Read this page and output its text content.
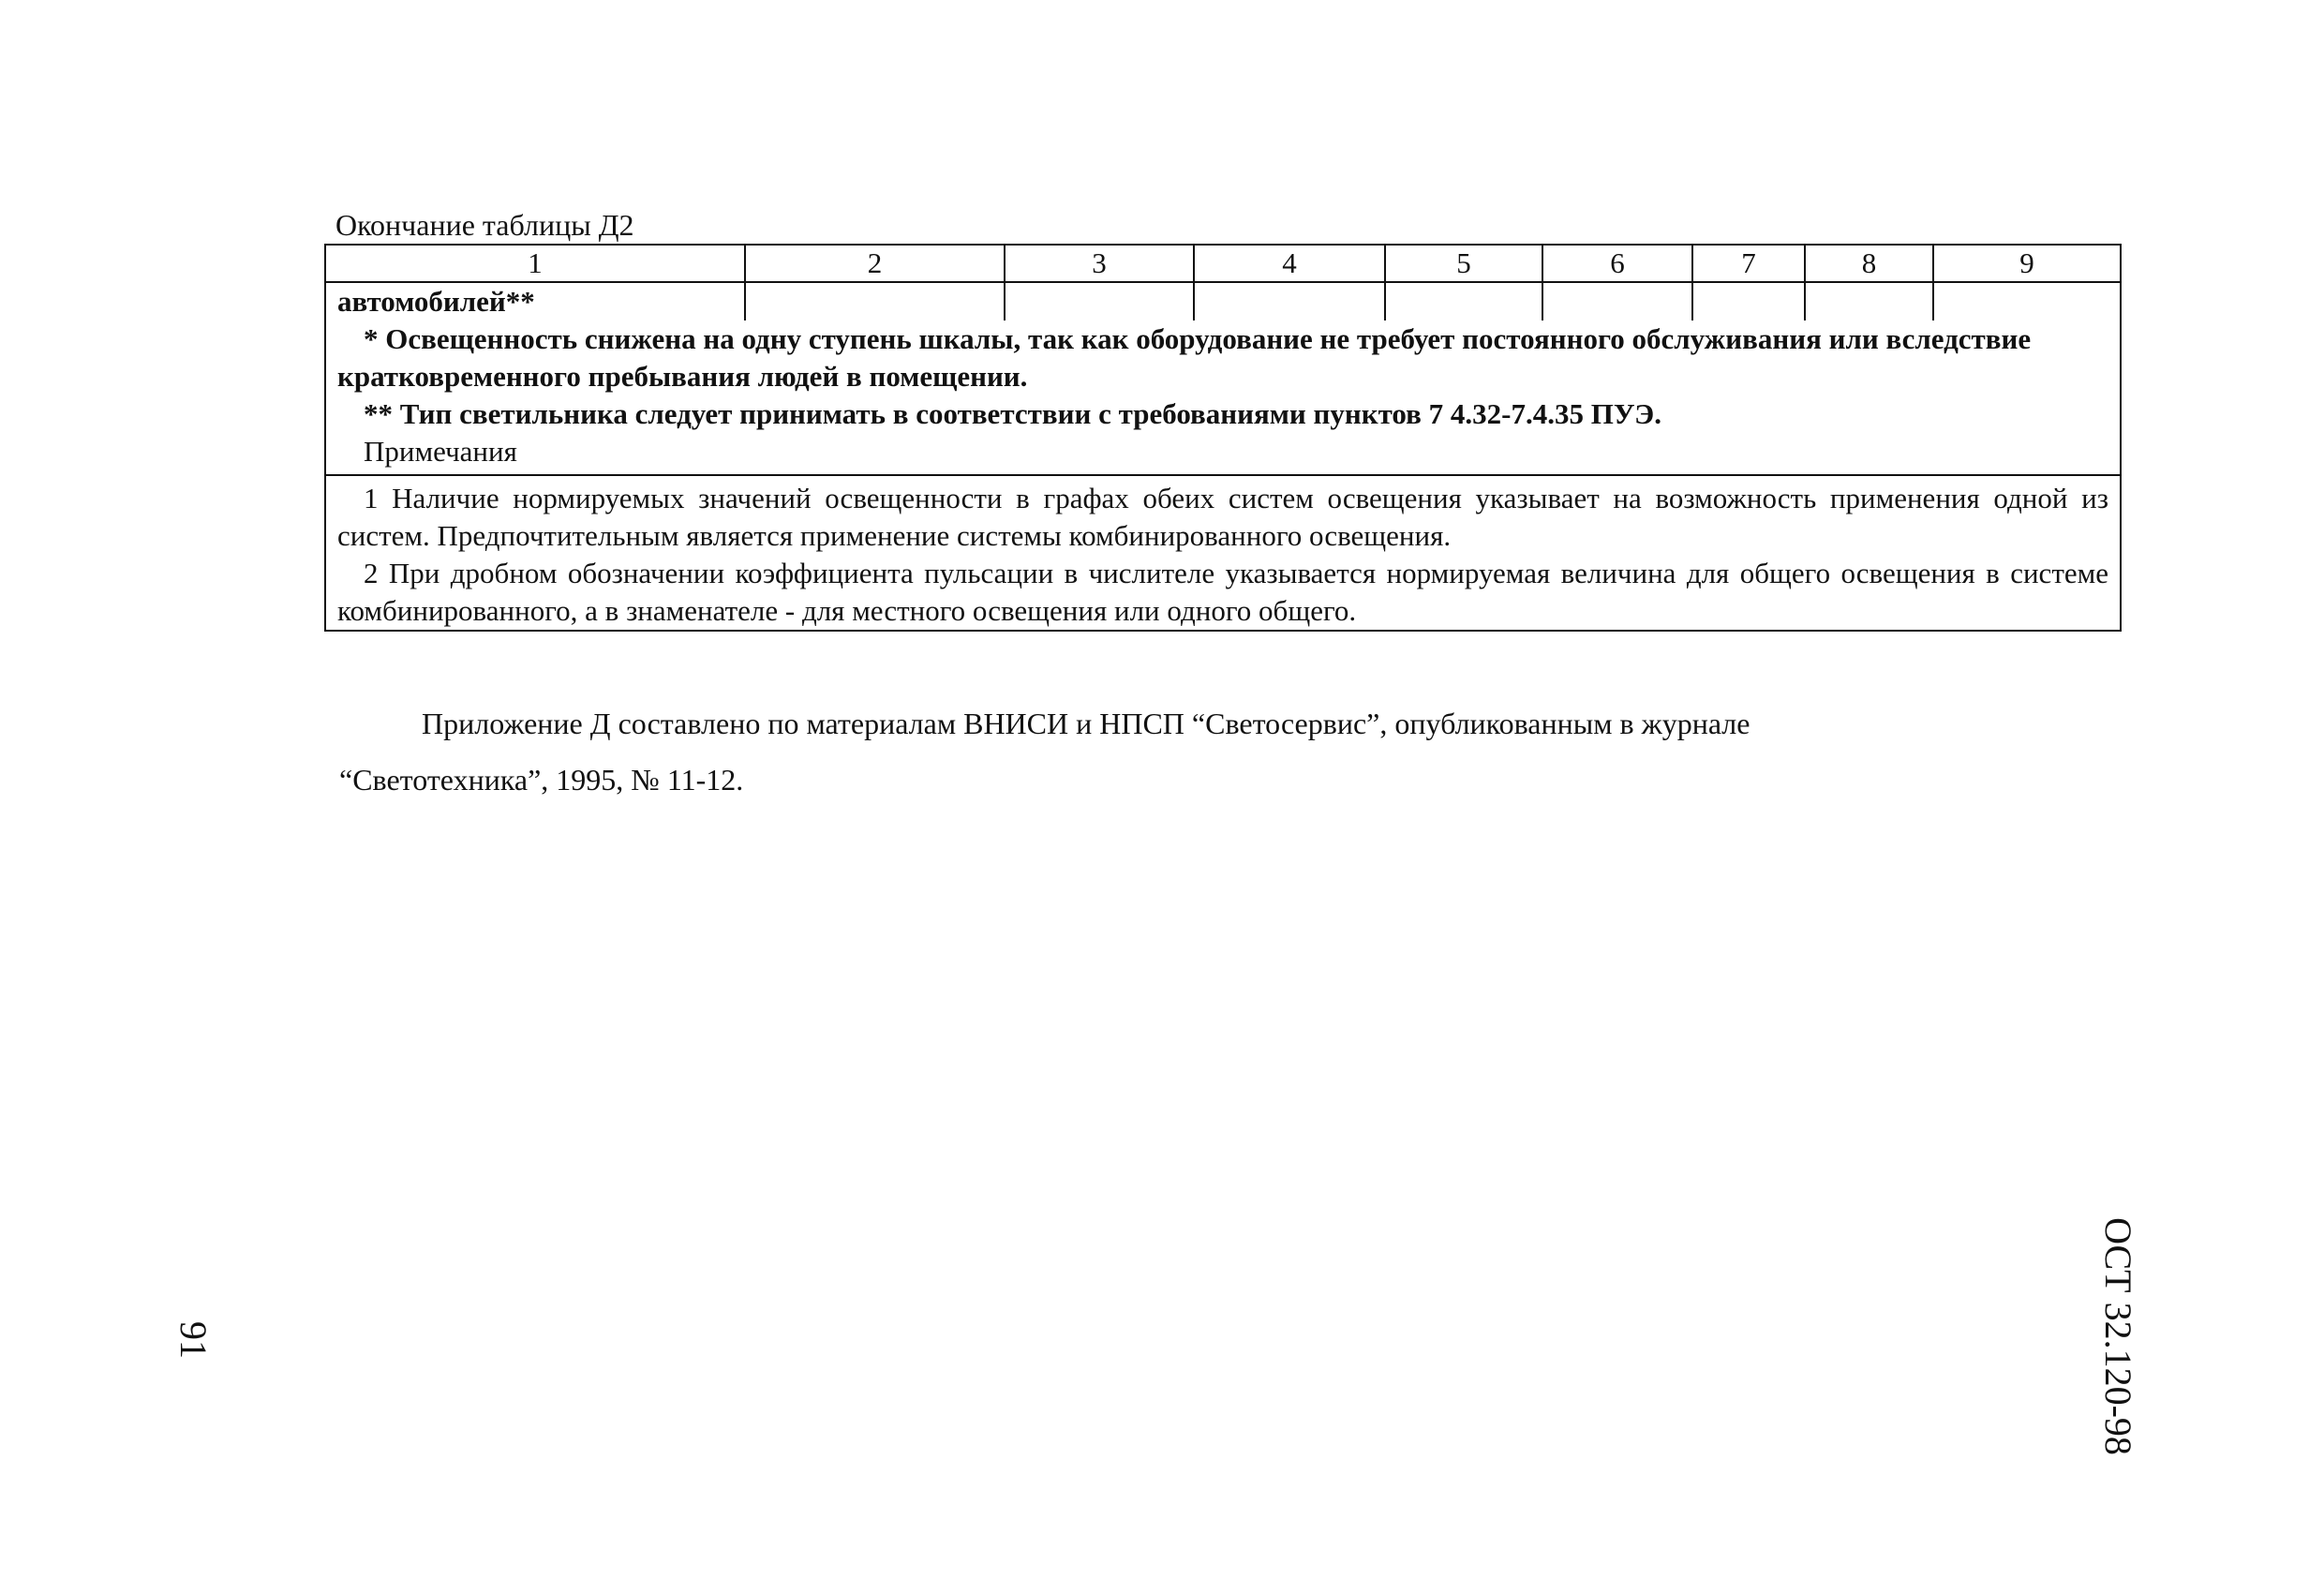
Окончание таблицы Д2
1	2	3	4	5	6	7	8	9
автомобилей**								

* Освещенность снижена на одну ступень шкалы, так как оборудование не требует постоянного обслуживания или вследствие кратковременного пребывания людей в помещении.

** Тип светильника следует принимать в соответствии с требованиями пунктов 7 4.32-7.4.35 ПУЭ.

Примечания								

1 Наличие нормируемых значений освещенности в графах обеих систем освещения указывает на возможность применения одной из систем. Предпочтительным является применение системы комбинированного освещения.

2 При дробном обозначении коэффициента пульсации в числителе указывается нормируемая величина для общего освещения в системе комбинированного, а в знаменателе - для местного освещения или одного общего.								

Приложение Д составлено по материалам ВНИСИ и НПСП “Светосервис”, опубликованным в журнале
“Светотехника”, 1995, № 11-12.
91	ОСТ 32.120-98
